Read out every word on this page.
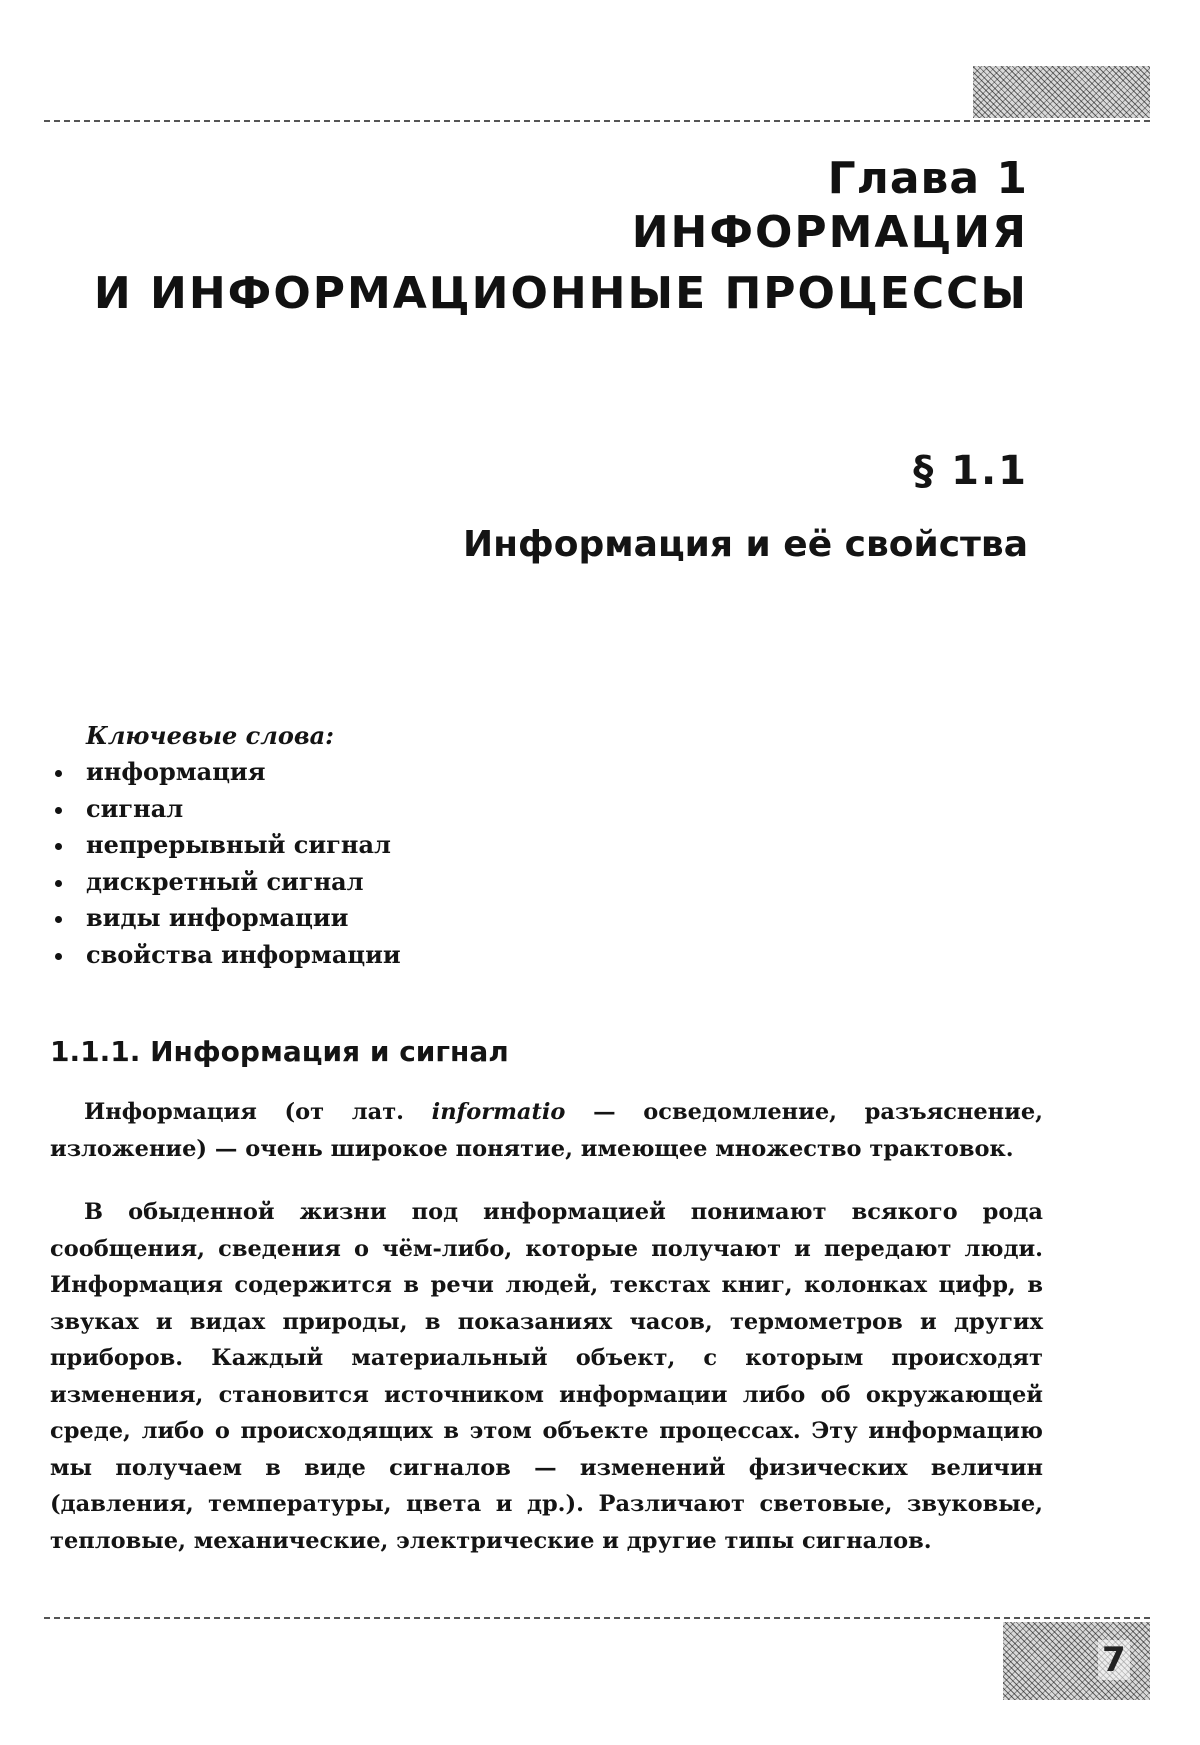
Глава 1
ИНФОРМАЦИЯ
И ИНФОРМАЦИОННЫЕ ПРОЦЕССЫ
§ 1.1
Информация и её свойства
Ключевые слова:
информация
сигнал
непрерывный сигнал
дискретный сигнал
виды информации
свойства информации
1.1.1. Информация и сигнал

Информация (от лат. informatio — осведомление, разъяснение, изложение) — очень широкое понятие, имеющее множество трактовок.

В обыденной жизни под информацией понимают всякого рода сообщения, сведения о чём-либо, которые получают и передают люди. Информация содержится в речи людей, текстах книг, колонках цифр, в звуках и видах природы, в показаниях часов, термометров и других приборов. Каждый материальный объект, с которым происходят изменения, становится источником информации либо об окружающей среде, либо о происходящих в этом объекте процессах. Эту информацию мы получаем в виде сигналов — изменений физических величин (давления, температуры, цвета и др.). Различают световые, звуковые, тепловые, механические, электрические и другие типы сигналов.

7
